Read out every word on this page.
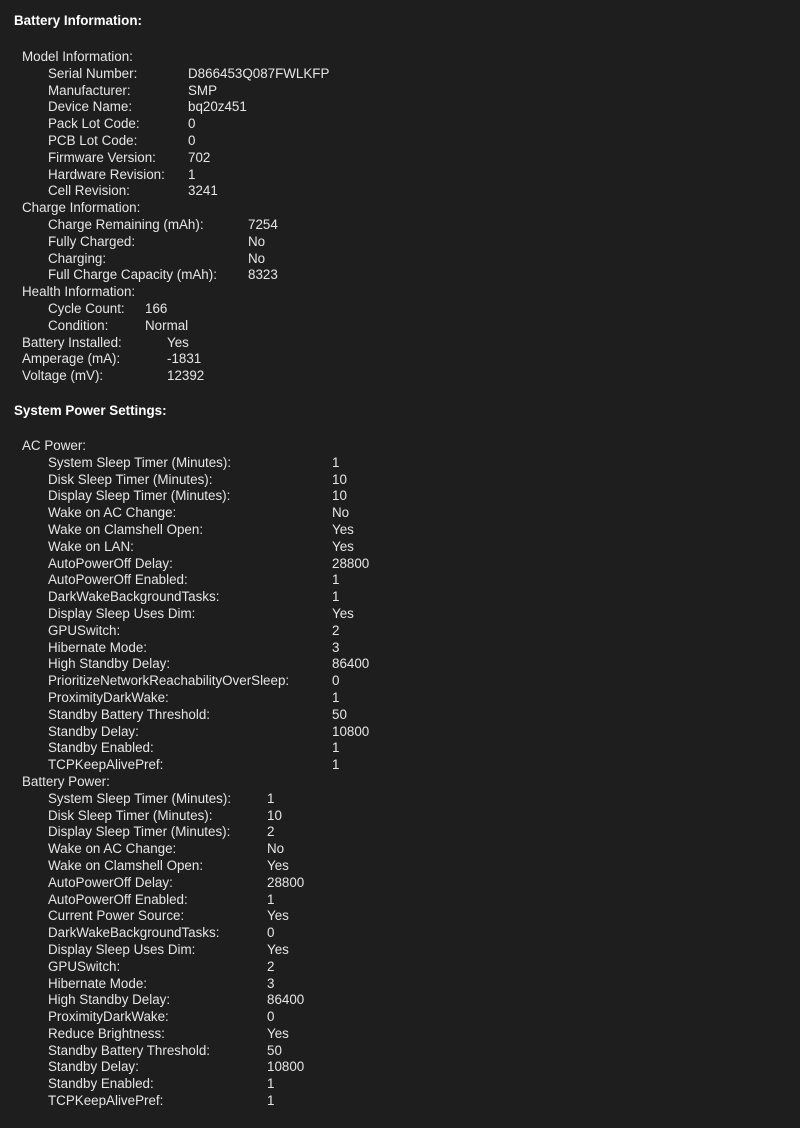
Battery Information:
Model Information:
Serial Number:	D866453Q087FWLKFP
Manufacturer:	SMP
Device Name:	bq20z451
Pack Lot Code:	0
PCB Lot Code:	0
Firmware Version: 702
Hardware Revision: 1
Cell Revision:	3241
Charge Information:
Charge Remaining (mAh):	7254
Fully Charged:	No
Charging:	No
Full Charge Capacity (mAh): 8323
Health Information:
Cycle Count: 166
Condition:	Normal
Battery Installed:	Yes
Amperage (mA):	-1831
Voltage (mV):	12392
System Power Settings:
AC Power:
System Sleep Timer (Minutes):	1
Disk Sleep Timer (Minutes):	10
Display Sleep Timer (Minutes):	10
Wake on AC Change:	No
Wake on Clamshell Open:	Yes
Wake on LAN:	Yes
AutoPowerOff Delay:	28800
AutoPowerOff Enabled:	1
DarkWakeBackgroundTasks:	1
Display Sleep Uses Dim:	Yes
GPUSwitch:	2
Hibernate Mode:	3
High Standby Delay:	86400
PrioritizeNetworkReachabilityOverSleep:	0
ProximityDarkWake:	1
Standby Battery Threshold:	50
Standby Delay:	10800
Standby Enabled:	1
TCPKeepAlivePref:	1
Battery Power:
System Sleep Timer (Minutes):	1
Disk Sleep Timer (Minutes):	10
Display Sleep Timer (Minutes):	2
Wake on AC Change:	No
Wake on Clamshell Open:	Yes
AutoPowerOff Delay:	28800
AutoPowerOff Enabled:	1
Current Power Source:	Yes
DarkWakeBackgroundTasks:	0
Display Sleep Uses Dim:	Yes
GPUSwitch:	2
Hibernate Mode:	3
High Standby Delay:	86400
ProximityDarkWake:	0
Reduce Brightness:	Yes
Standby Battery Threshold:	50
Standby Delay:	10800
Standby Enabled:	1
TCPKeepAlivePref:	1
